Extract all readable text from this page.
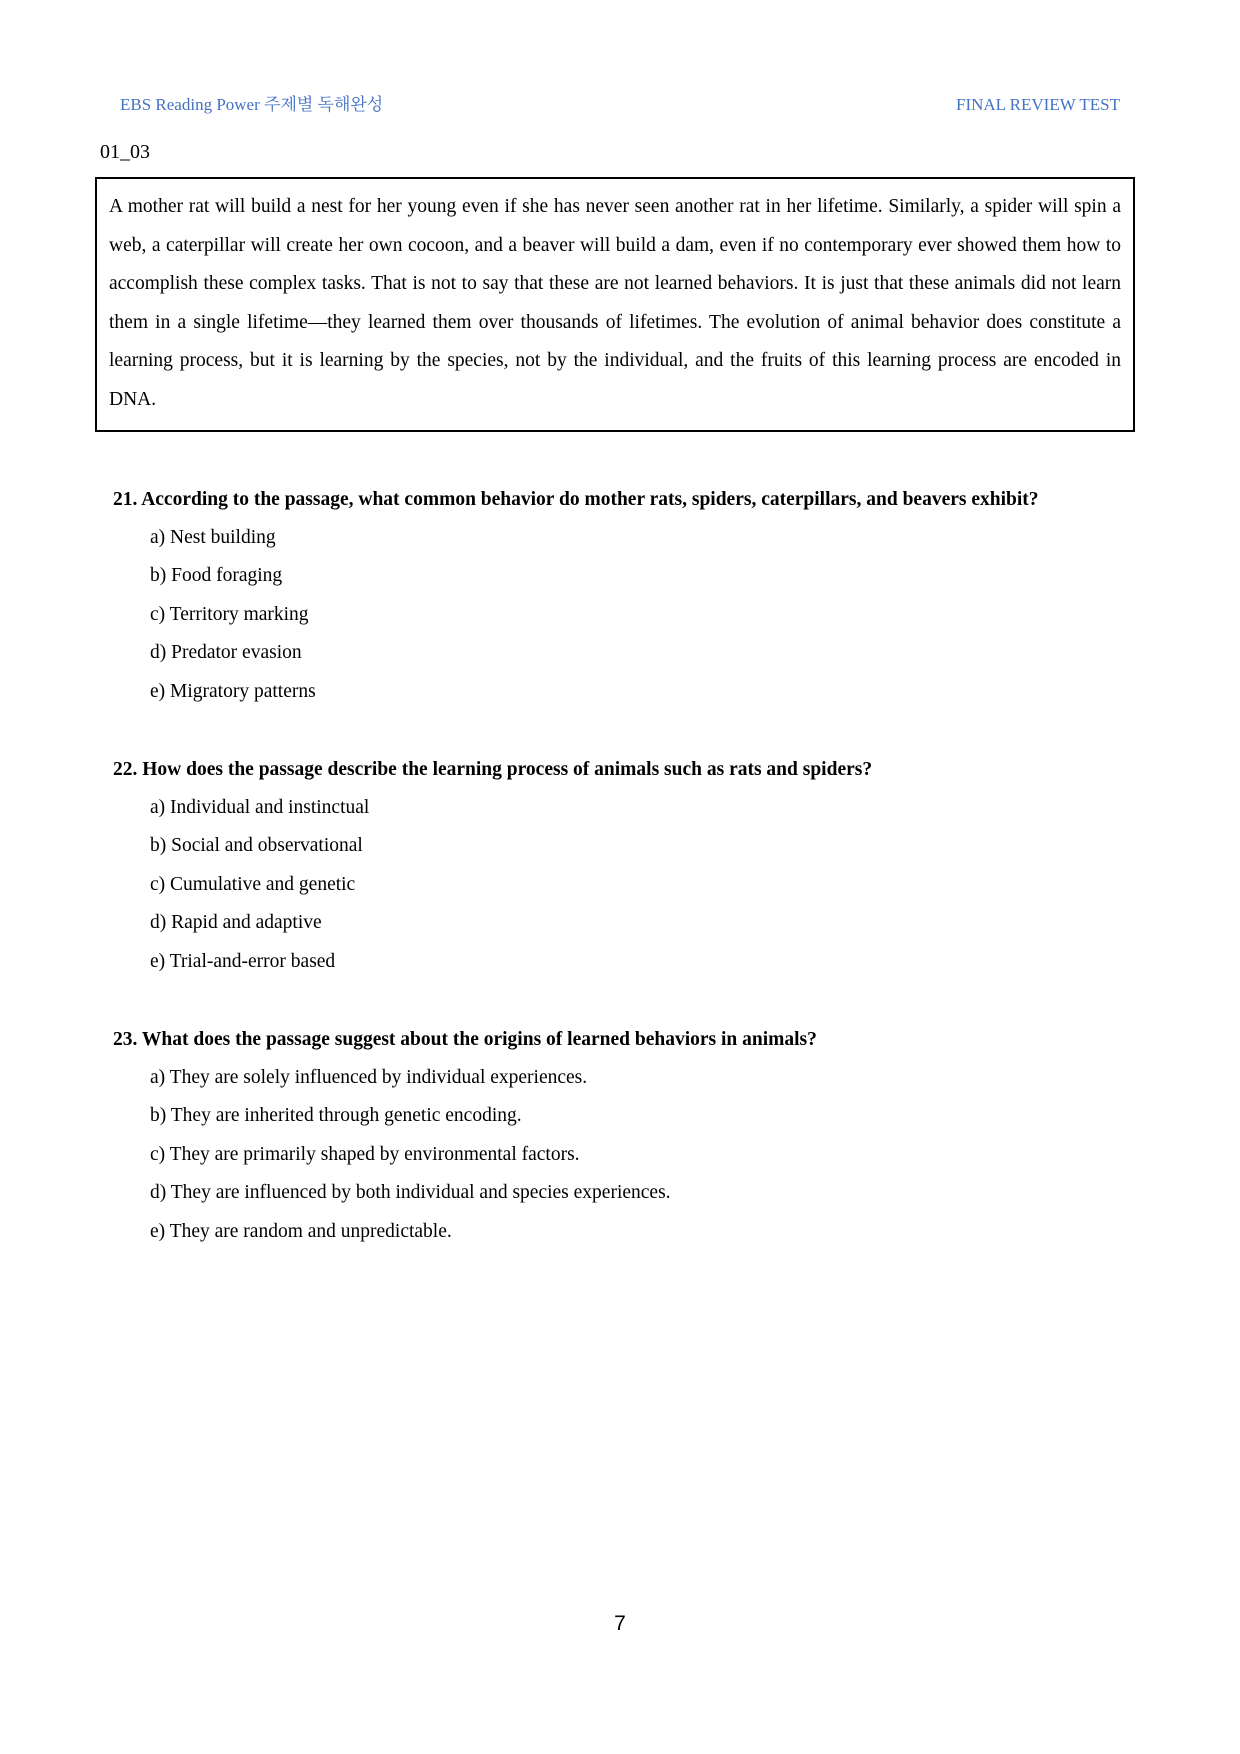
EBS Reading Power 주제별 독해완성	FINAL REVIEW TEST
01_03
A mother rat will build a nest for her young even if she has never seen another rat in her lifetime. Similarly, a spider will spin a web, a caterpillar will create her own cocoon, and a beaver will build a dam, even if no contemporary ever showed them how to accomplish these complex tasks. That is not to say that these are not learned behaviors. It is just that these animals did not learn them in a single lifetime—they learned them over thousands of lifetimes. The evolution of animal behavior does constitute a learning process, but it is learning by the species, not by the individual, and the fruits of this learning process are encoded in DNA.
21. According to the passage, what common behavior do mother rats, spiders, caterpillars, and beavers exhibit?
a) Nest building
b) Food foraging
c) Territory marking
d) Predator evasion
e) Migratory patterns
22. How does the passage describe the learning process of animals such as rats and spiders?
a) Individual and instinctual
b) Social and observational
c) Cumulative and genetic
d) Rapid and adaptive
e) Trial-and-error based
23. What does the passage suggest about the origins of learned behaviors in animals?
a) They are solely influenced by individual experiences.
b) They are inherited through genetic encoding.
c) They are primarily shaped by environmental factors.
d) They are influenced by both individual and species experiences.
e) They are random and unpredictable.
7
